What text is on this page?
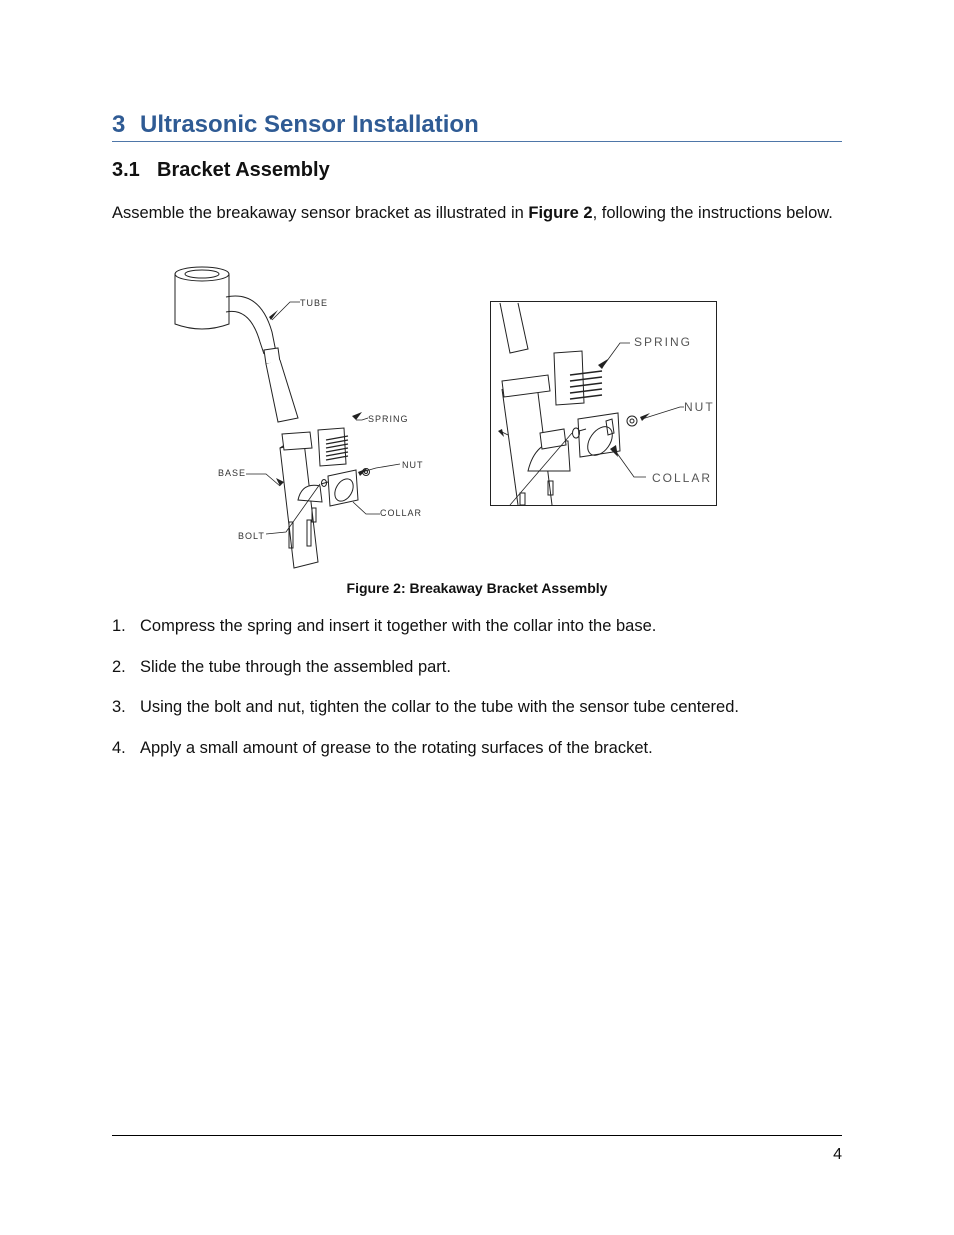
3 Ultrasonic Sensor Installation
3.1 Bracket Assembly
Assemble the breakaway sensor bracket as illustrated in Figure 2, following the instructions below.
TUBE
SPRING
NUT
BASE
COLLAR
BOLT
SPRING
NUT
COLLAR
Figure 2: Breakaway Bracket Assembly
1. Compress the spring and insert it together with the collar into the base.
2. Slide the tube through the assembled part.
3. Using the bolt and nut, tighten the collar to the tube with the sensor tube centered.
4. Apply a small amount of grease to the rotating surfaces of the bracket.
4
